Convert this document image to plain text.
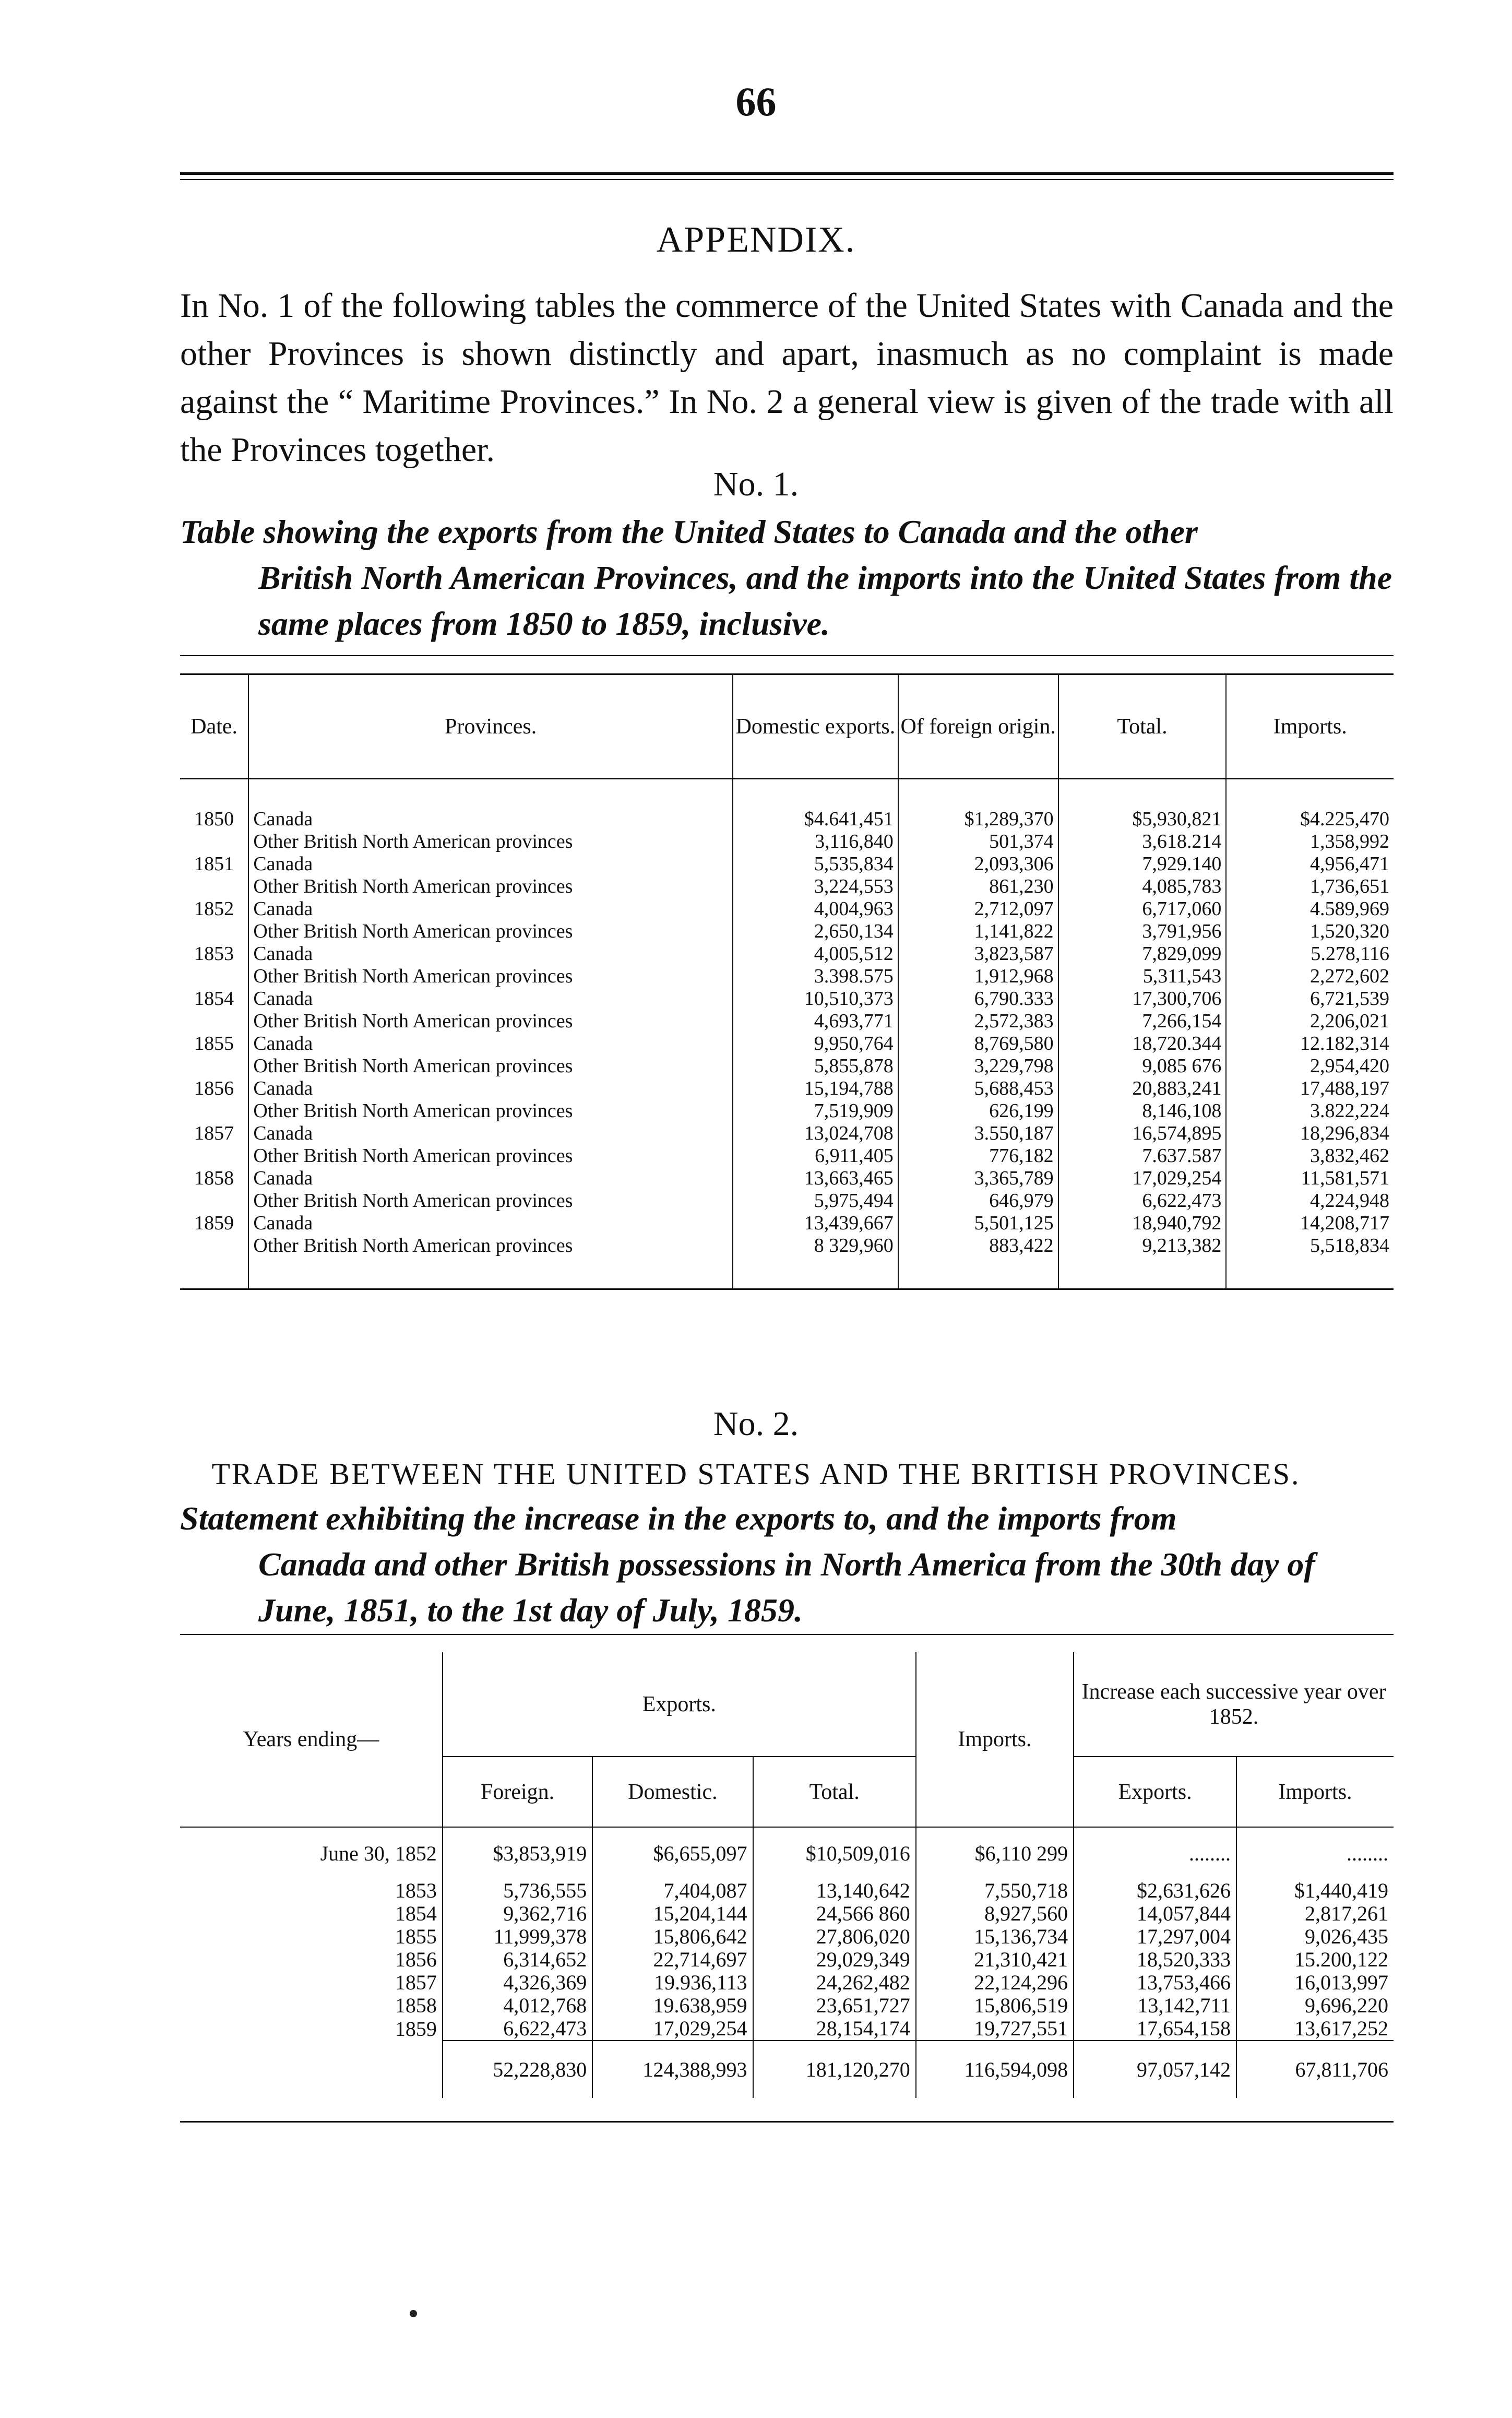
66
APPENDIX.
In No. 1 of the following tables the commerce of the United States with Canada and the other Provinces is shown distinctly and apart, inasmuch as no complaint is made against the “ Maritime Provinces.” In No. 2 a general view is given of the trade with all the Provinces together.
No. 1.
Table showing the exports from the United States to Canada and the other
British North American Provinces, and the imports into the United States from the same places from 1850 to 1859, inclusive.
Date.	Provinces.	Domestic exports.	Of foreign origin.	Total.	Imports.
1850	Canada	$4.641,451	$1,289,370	$5,930,821	$4.225,470
	Other British North American provinces	3,116,840	501,374	3,618.214	1,358,992
1851	Canada	5,535,834	2,093,306	7,929.140	4,956,471
	Other British North American provinces	3,224,553	861,230	4,085,783	1,736,651
1852	Canada	4,004,963	2,712,097	6,717,060	4.589,969
	Other British North American provinces	2,650,134	1,141,822	3,791,956	1,520,320
1853	Canada	4,005,512	3,823,587	7,829,099	5.278,116
	Other British North American provinces	3.398.575	1,912,968	5,311,543	2,272,602
1854	Canada	10,510,373	6,790.333	17,300,706	6,721,539
	Other British North American provinces	4,693,771	2,572,383	7,266,154	2,206,021
1855	Canada	9,950,764	8,769,580	18,720.344	12.182,314
	Other British North American provinces	5,855,878	3,229,798	9,085 676	2,954,420
1856	Canada	15,194,788	5,688,453	20,883,241	17,488,197
	Other British North American provinces	7,519,909	626,199	8,146,108	3.822,224
1857	Canada	13,024,708	3.550,187	16,574,895	18,296,834
	Other British North American provinces	6,911,405	776,182	7.637.587	3,832,462
1858	Canada	13,663,465	3,365,789	17,029,254	11,581,571
	Other British North American provinces	5,975,494	646,979	6,622,473	4,224,948
1859	Canada	13,439,667	5,501,125	18,940,792	14,208,717
	Other British North American provinces	8 329,960	883,422	9,213,382	5,518,834

No. 2.
TRADE BETWEEN THE UNITED STATES AND THE BRITISH PROVINCES.
Statement exhibiting the increase in the exports to, and the imports from
Canada and other British possessions in North America from the 30th day of June, 1851, to the 1st day of July, 1859.
Years ending—	Exports.			Imports.	Increase each successive year over 1852.	
	Foreign.	Domestic.	Total.		Exports.	Imports.
June 30, 1852	$3,853,919	$6,655,097	$10,509,016	$6,110 299	........	........
1853	5,736,555	7,404,087	13,140,642	7,550,718	$2,631,626	$1,440,419
1854	9,362,716	15,204,144	24,566 860	8,927,560	14,057,844	2,817,261
1855	11,999,378	15,806,642	27,806,020	15,136,734	17,297,004	9,026,435
1856	6,314,652	22,714,697	29,029,349	21,310,421	18,520,333	15.200,122
1857	4,326,369	19.936,113	24,262,482	22,124,296	13,753,466	16,013,997
1858	4,012,768	19.638,959	23,651,727	15,806,519	13,142,711	9,696,220
1859	6,622,473	17,029,254	28,154,174	19,727,551	17,654,158	13,617,252
	52,228,830	124,388,993	181,120,270	116,594,098	97,057,142	67,811,706
